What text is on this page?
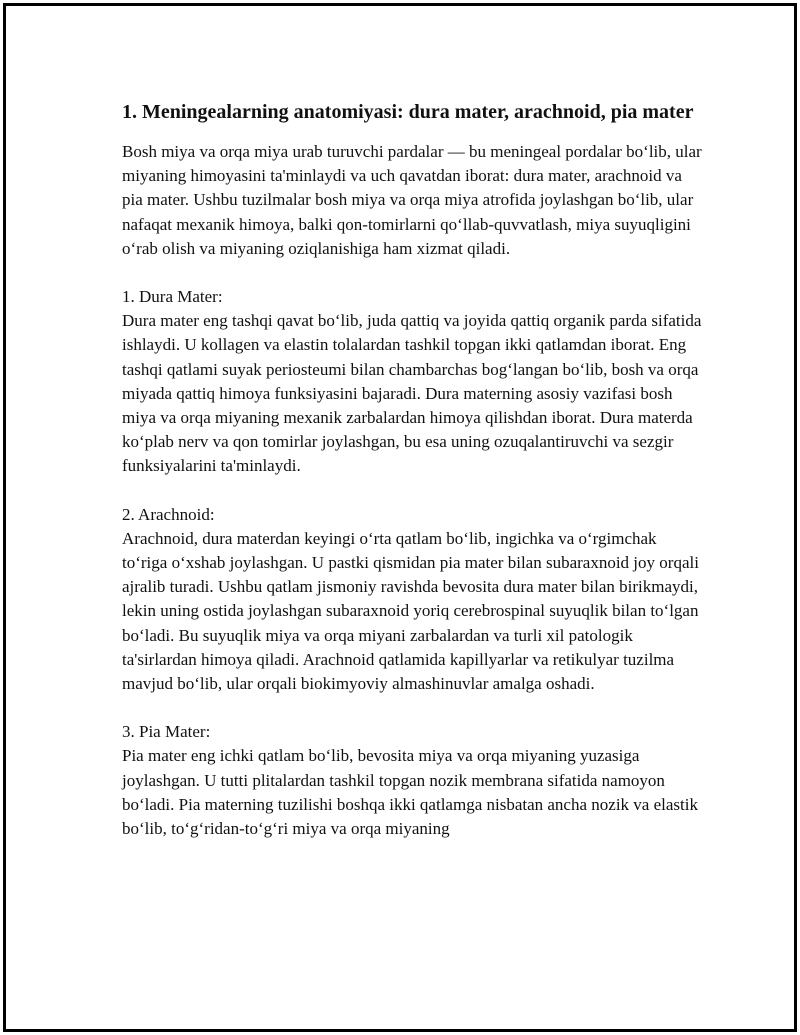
1. Meningealarning anatomiyasi: dura mater, arachnoid, pia mater

Bosh miya va orqa miya urab turuvchi pardalar — bu meningeal pordalar boʻlib, ular miyaning himoyasini ta'minlaydi va uch qavatdan iborat: dura mater, arachnoid va pia mater. Ushbu tuzilmalar bosh miya va orqa miya atrofida joylashgan boʻlib, ular nafaqat mexanik himoya, balki qon-tomirlarni qoʻllab-quvvatlash, miya suyuqligini oʻrab olish va miyaning oziqlanishiga ham xizmat qiladi.

1. Dura Mater:
Dura mater eng tashqi qavat boʻlib, juda qattiq va joyida qattiq organik parda sifatida ishlaydi. U kollagen va elastin tolalardan tashkil topgan ikki qatlamdan iborat. Eng tashqi qatlami suyak periosteumi bilan chambarchas bogʻlangan boʻlib, bosh va orqa miyada qattiq himoya funksiyasini bajaradi. Dura materning asosiy vazifasi bosh miya va orqa miyaning mexanik zarbalardan himoya qilishdan iborat. Dura materda koʻplab nerv va qon tomirlar joylashgan, bu esa uning ozuqalantiruvchi va sezgir funksiyalarini ta'minlaydi.

2. Arachnoid:
Arachnoid, dura materdan keyingi oʻrta qatlam boʻlib, ingichka va oʻrgimchak toʻriga oʻxshab joylashgan. U pastki qismidan pia mater bilan subaraxnoid joy orqali ajralib turadi. Ushbu qatlam jismoniy ravishda bevosita dura mater bilan birikmaydi, lekin uning ostida joylashgan subaraxnoid yoriq cerebrospinal suyuqlik bilan toʻlgan boʻladi. Bu suyuqlik miya va orqa miyani zarbalardan va turli xil patologik ta'sirlardan himoya qiladi. Arachnoid qatlamida kapillyarlar va retikulyar tuzilma mavjud boʻlib, ular orqali biokimyoviy almashinuvlar amalga oshadi.

3. Pia Mater:
Pia mater eng ichki qatlam boʻlib, bevosita miya va orqa miyaning yuzasiga joylashgan. U tutti plitalardan tashkil topgan nozik membrana sifatida namoyon boʻladi. Pia materning tuzilishi boshqa ikki qatlamga nisbatan ancha nozik va elastik boʻlib, toʻgʻridan-toʻgʻri miya va orqa miyaning
